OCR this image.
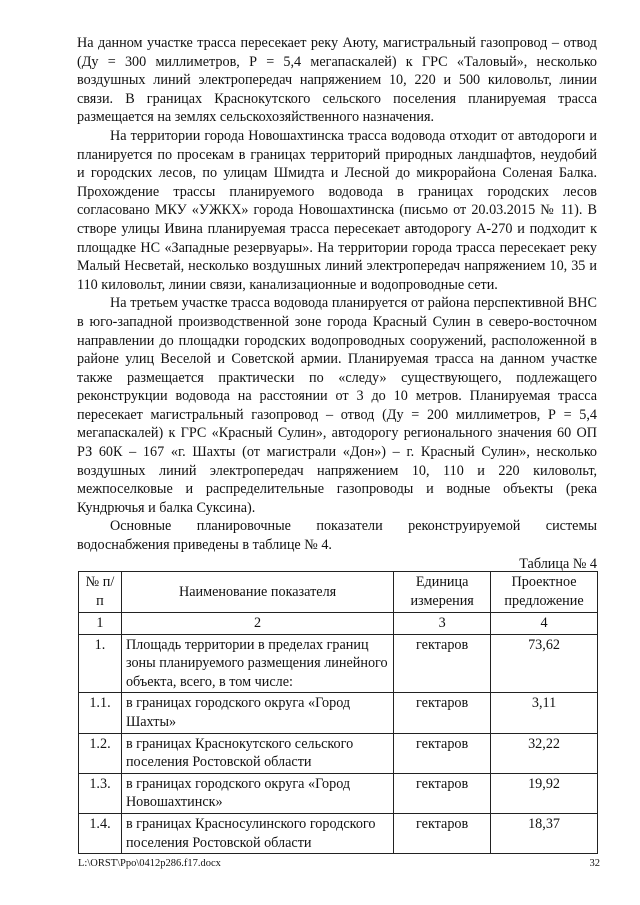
На данном участке трасса пересекает реку Аюту, магистральный газопровод – отвод (Ду = 300 миллиметров, Р = 5,4 мегапаскалей) к ГРС «Таловый», несколько воздушных линий электропередач напряжением 10, 220 и 500 киловольт, линии связи. В границах Краснокутского сельского поселения планируемая трасса размещается на землях сельскохозяйственного назначения.

На территории города Новошахтинска трасса водовода отходит от автодороги и планируется по просекам в границах территорий природных ландшафтов, неудобий и городских лесов, по улицам Шмидта и Лесной до микрорайона Соленая Балка. Прохождение трассы планируемого водовода в границах городских лесов согласовано МКУ «УЖКХ» города Новошахтинска (письмо от 20.03.2015 № 11). В створе улицы Ивина планируемая трасса пересекает автодорогу А-270 и подходит к площадке НС «Западные резервуары». На территории города трасса пересекает реку Малый Несветай, несколько воздушных линий электропередач напряжением 10, 35 и 110 киловольт, линии связи, канализационные и водопроводные сети.

На третьем участке трасса водовода планируется от района перспективной ВНС в юго-западной производственной зоне города Красный Сулин в северо-восточном направлении до площадки городских водопроводных сооружений, расположенной в районе улиц Веселой и Советской армии. Планируемая трасса на данном участке также размещается практически по «следу» существующего, подлежащего реконструкции водовода на расстоянии от 3 до 10 метров. Планируемая трасса пересекает магистральный газопровод – отвод (Ду = 200 миллиметров, Р = 5,4 мегапаскалей) к ГРС «Красный Сулин», автодорогу регионального значения 60 ОП РЗ 60К – 167 «г. Шахты (от магистрали «Дон») – г. Красный Сулин», несколько воздушных линий электропередач напряжением 10, 110 и 220 киловольт, межпоселковые и распределительные газопроводы и водные объекты (река Кундрючья и балка Суксина).

Основные планировочные показатели реконструируемой системы водоснабжения приведены в таблице № 4.

Таблица № 4

№ п/п	Наименование показателя	Единица измерения	Проектное предложение
1	2	3	4
1.	Площадь территории в пределах границ зоны планируемого размещения линейного объекта, всего, в том числе:	гектаров	73,62
1.1.	в границах городского округа «Город Шахты»	гектаров	3,11
1.2.	в границах Краснокутского сельского поселения Ростовской области	гектаров	32,22
1.3.	в границах городского округа «Город Новошахтинск»	гектаров	19,92
1.4.	в границах Красносулинского городского поселения Ростовской области	гектаров	18,37
L:\ORST\Ppo\0412p286.f17.docx	32
